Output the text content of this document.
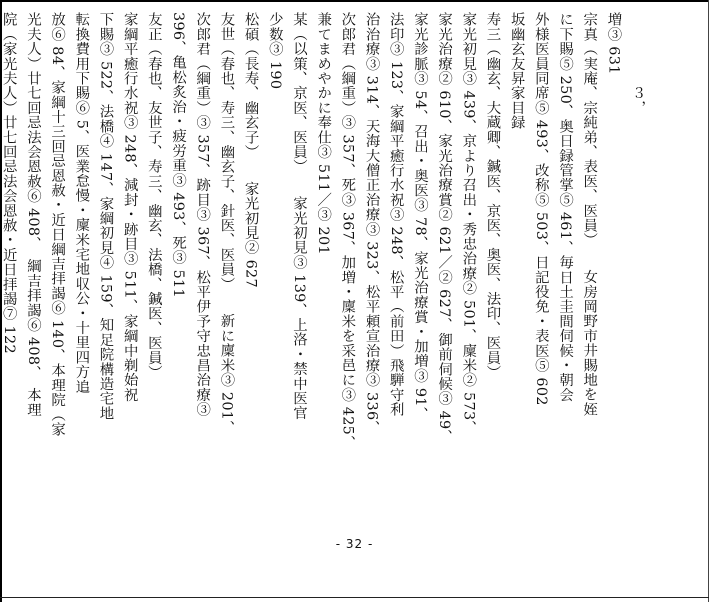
　　　　　３，
増③ 631
宗真（実庵、宗純弟、表医、医員）　　女房岡野市井賜地を姪
に下賜⑤ 250、奥日録管掌⑤ 461、毎日土圭間伺候・朝会
外様医員同席⑤ 493、改称⑤ 503、日記役免・表医⑤ 602
坂幽玄友昇家目録
寿三（幽玄、大蔵卿、鍼医、京医、奥医、法印、医員）
家光初見③ 439、京より召出・秀忠治療② 501、廩米② 573、
家光治療② 610、家光治療賞② 621／② 627、御前伺候③ 49、
家光診脈③ 54、召出・奥医③ 78、家光治療賞・加増③ 91、
法印③ 123、家綱平癒行水祝③ 248、松平（前田）飛騨守利
治治療③ 314、天海大僧正治療③ 323、松平頼宣治療③ 336、
次郎君（綱重）③ 357、死③ 367、加増・廩米を采邑に③ 425、
兼てまめやかに奉仕③ 511／③ 201
某（以策、京医、医員）　　家光初見③ 139、上洛・禁中医官
少数③ 190
松碩（長寿、幽玄子）　　家光初見② 627
友世（春也、寿三、幽玄子、針医、医員）　　新に廩米③ 201、
次郎君（綱重）③ 357、跡目③ 367、松平伊予守忠昌治療③
396、亀松炙治・疲労重③ 493、死③ 511
友正（春也、友世子、寿三、幽玄、法橋、鍼医、医員）
家綱平癒行水祝③ 248、減封・跡目③ 511、家綱中剃始祝
下賜③ 522、法橋④ 147、家綱初見④ 159、知足院構造宅地
転換費用下賜⑥ 5、医業怠慢・廩米宅地収公・十里四方追
放⑥ 84、家綱十三回忌恩赦・近日綱吉拝謁⑥ 140、本理院（家
光夫人）廿七回忌法会恩赦⑥ 408、　綱吉拝謁⑥ 408、　本理
院（家光夫人）廿七回忌法会恩赦・近日拝謁⑦ 122
- 32 -
